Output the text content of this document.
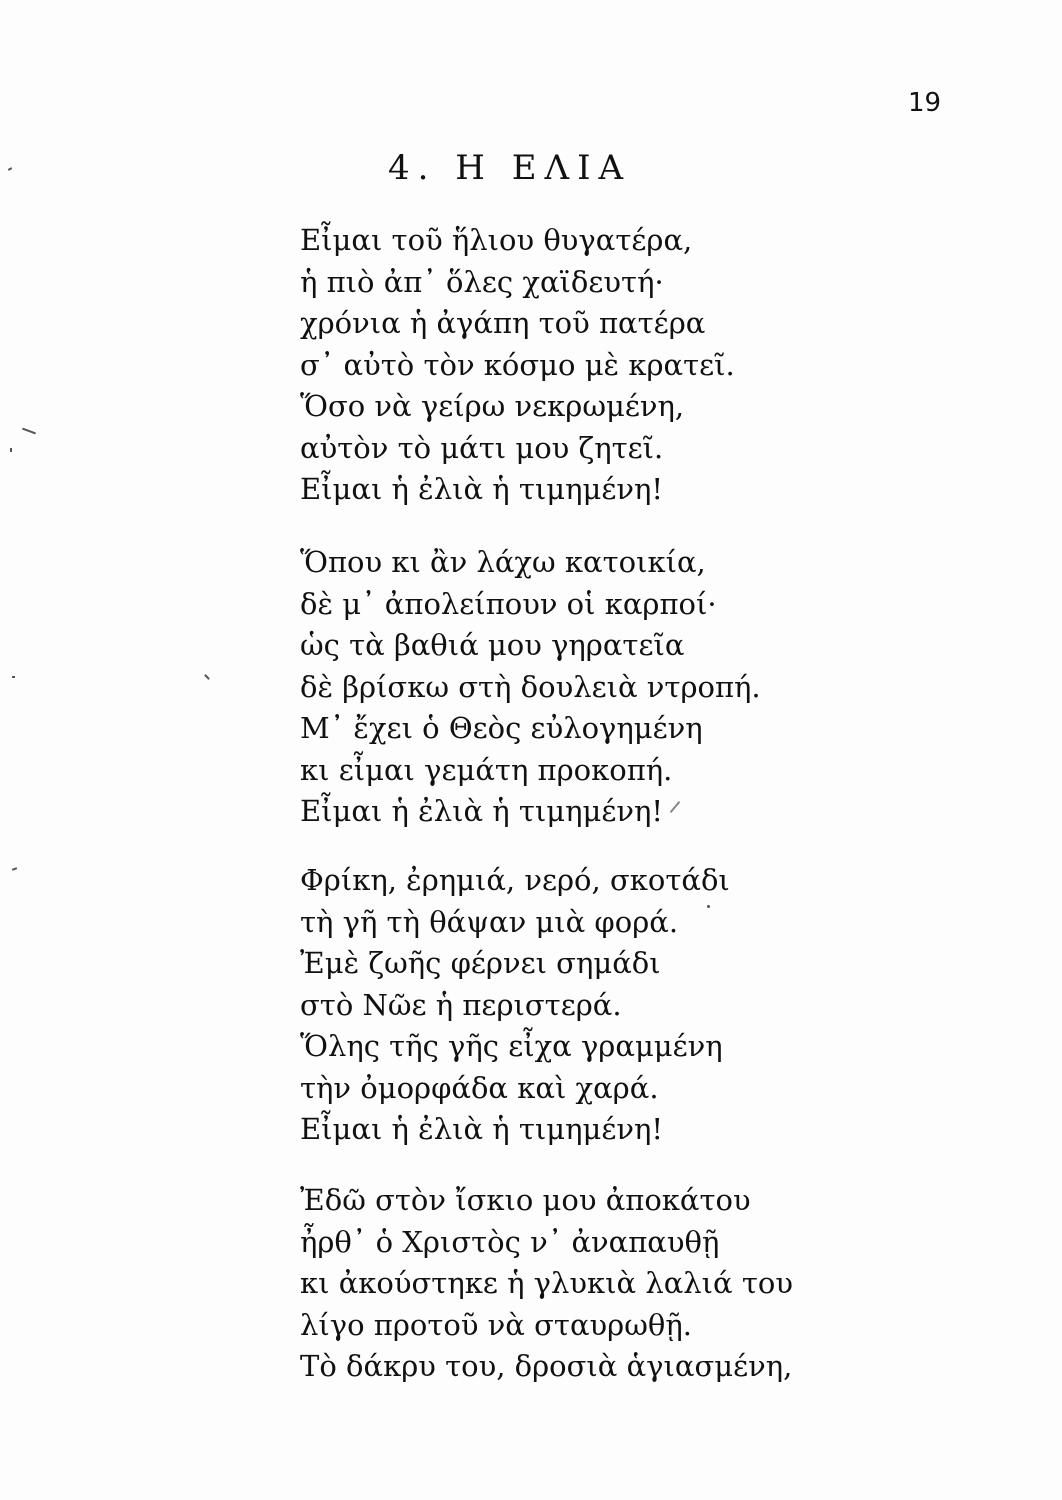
19
4. Η ΕΛΙΑ
Εἶμαι τοῦ ἥλιου θυγατέρα,
ἡ πιὸ ἀπ᾿ ὅλες χαϊδευτή·
χρόνια ἡ ἀγάπη τοῦ πατέρα
σ᾿ αὐτὸ τὸν κόσμο μὲ κρατεῖ.
Ὅσο νὰ γείρω νεκρωμένη,
αὐτὸν τὸ μάτι μου ζητεῖ.
Εἶμαι ἡ ἐλιὰ ἡ τιμημένη!
Ὅπου κι ἂν λάχω κατοικία,
δὲ μ᾿ ἀπολείπουν οἱ καρποί·
ὡς τὰ βαθιά μου γηρατεῖα
δὲ βρίσκω στὴ δουλειὰ ντροπή.
Μ᾿ ἔχει ὁ Θεὸς εὐλογημένη
κι εἶμαι γεμάτη προκοπή.
Εἶμαι ἡ ἐλιὰ ἡ τιμημένη!
Φρίκη, ἐρημιά, νερό, σκοτάδι
τὴ γῆ τὴ θάψαν μιὰ φορά.
Ἐμὲ ζωῆς φέρνει σημάδι
στὸ Νῶε ἡ περιστερά.
Ὅλης τῆς γῆς εἶχα γραμμένη
τὴν ὀμορφάδα καὶ χαρά.
Εἶμαι ἡ ἐλιὰ ἡ τιμημένη!
Ἐδῶ στὸν ἴσκιο μου ἀποκάτου
ἦρθ᾿ ὁ Χριστὸς ν᾿ ἀναπαυθῇ
κι ἀκούστηκε ἡ γλυκιὰ λαλιά του
λίγο προτοῦ νὰ σταυρωθῇ.
Τὸ δάκρυ του, δροσιὰ ἁγιασμένη,
